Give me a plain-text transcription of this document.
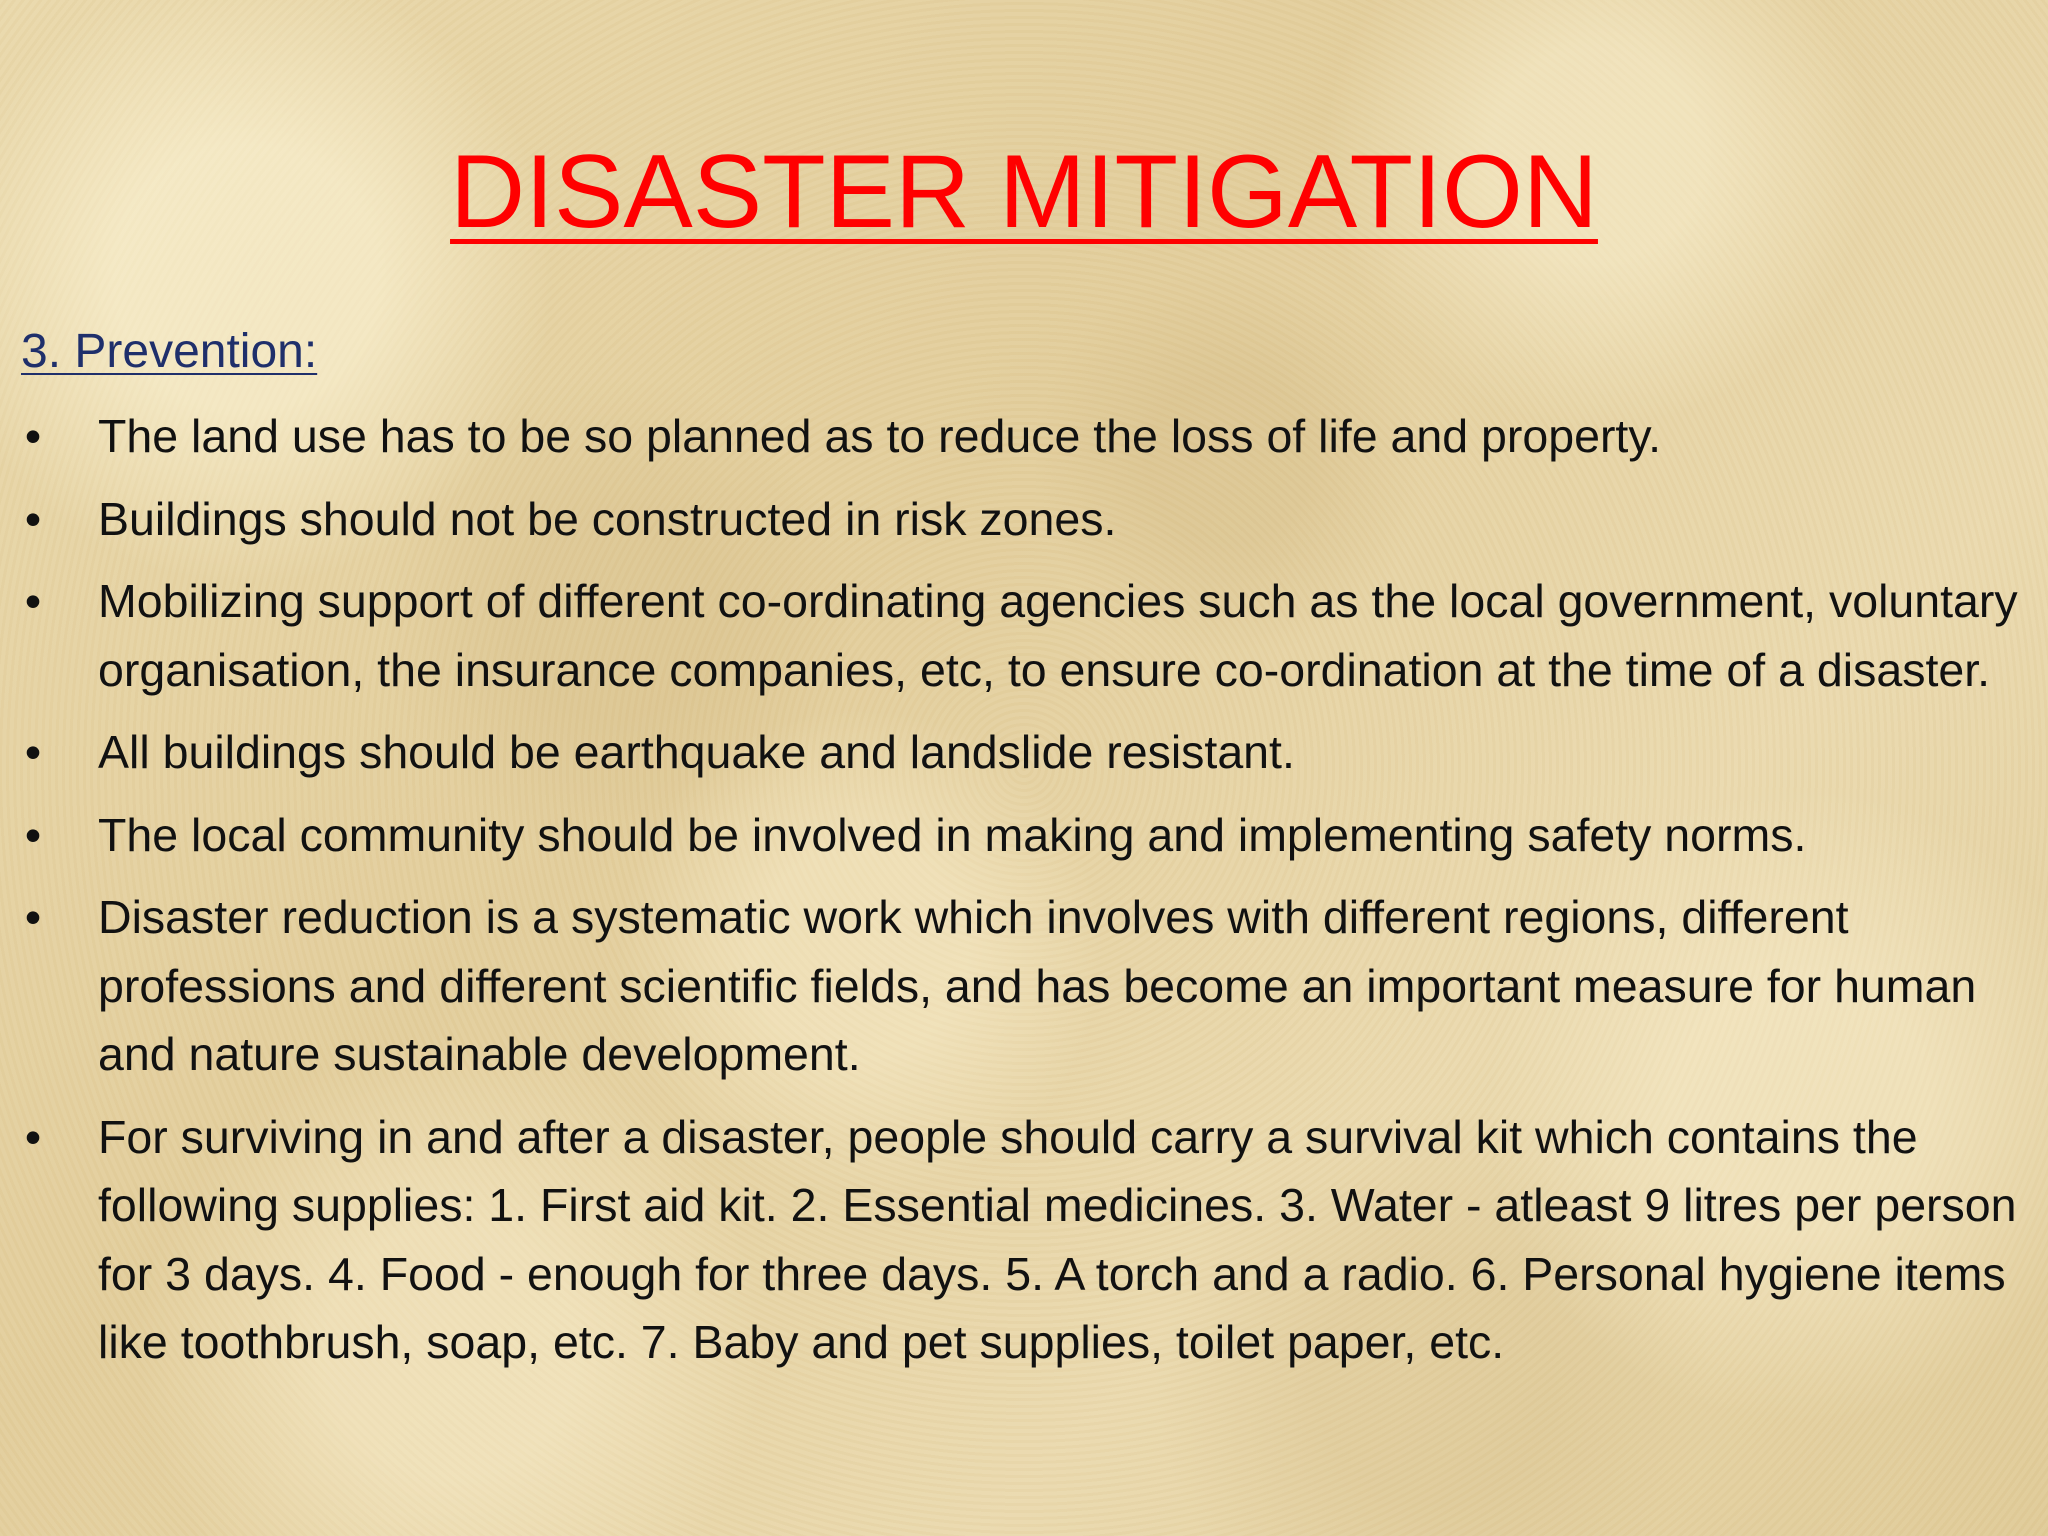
DISASTER MITIGATION
3. Prevention:
• The land use has to be so planned as to reduce the loss of life and property.
• Buildings should not be constructed in risk zones.
• Mobilizing support of different co-ordinating agencies such as the local government, voluntary organisation, the insurance companies, etc, to ensure co-ordination at the time of a disaster.
• All buildings should be earthquake and landslide resistant.
• The local community should be involved in making and implementing safety norms.
• Disaster reduction is a systematic work which involves with different regions, different professions and different scientific fields, and has become an important measure for human and nature sustainable development.
• For surviving in and after a disaster, people should carry a survival kit which contains the following supplies: 1. First aid kit. 2. Essential medicines. 3. Water - atleast 9 litres per person for 3 days. 4. Food - enough for three days. 5. A torch and a radio. 6. Personal hygiene items like toothbrush, soap, etc. 7. Baby and pet supplies, toilet paper, etc.
